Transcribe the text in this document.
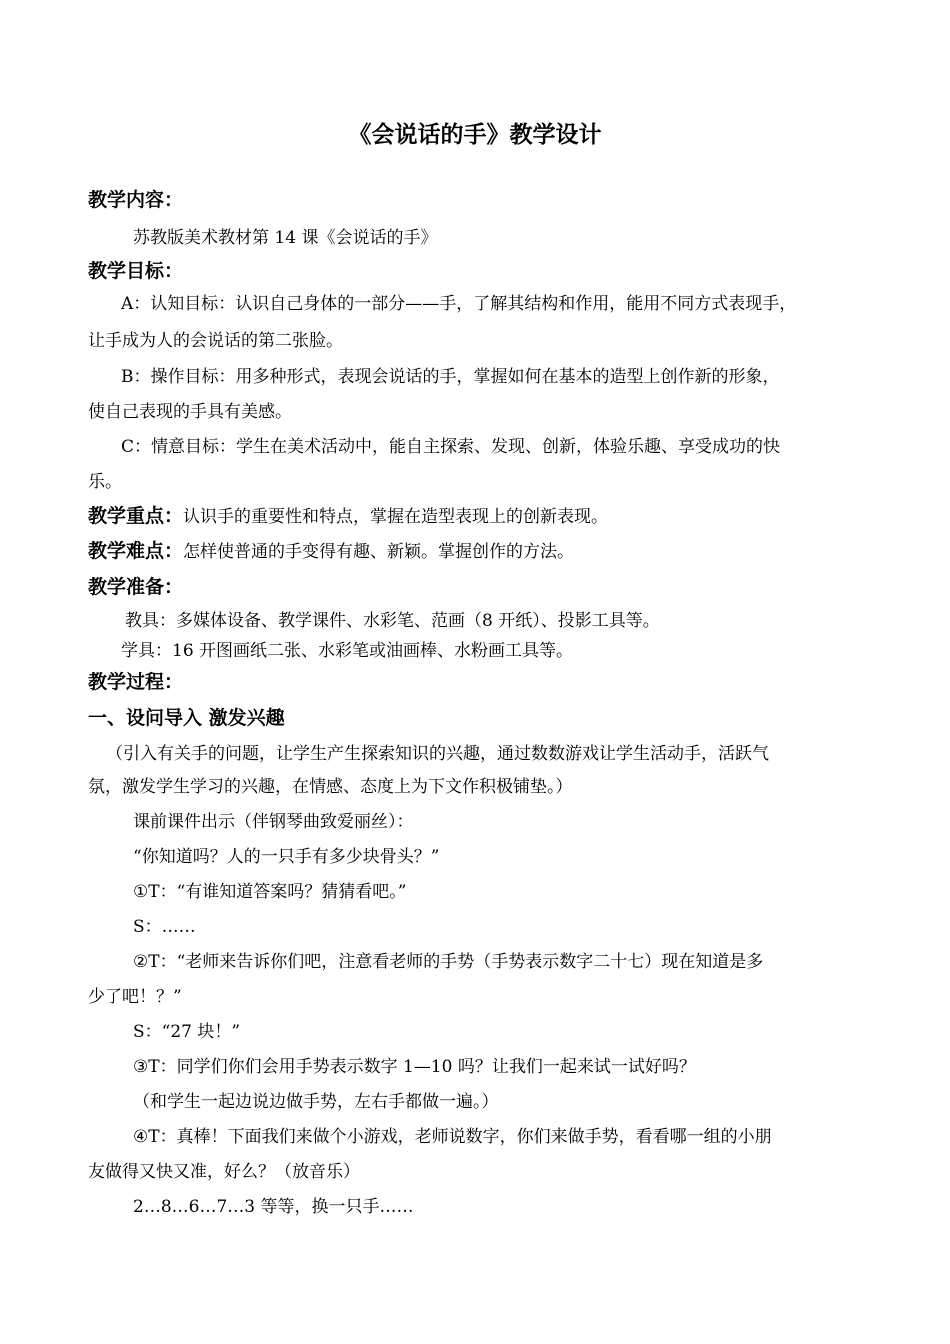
《会说话的手》教学设计
教学内容：
苏教版美术教材第 14 课《会说话的手》
教学目标：
A：认知目标：认识自己身体的一部分——手，了解其结构和作用，能用不同方式表现手，
让手成为人的会说话的第二张脸。
B：操作目标：用多种形式，表现会说话的手，掌握如何在基本的造型上创作新的形象，
使自己表现的手具有美感。
C：情意目标：学生在美术活动中，能自主探索、发现、创新，体验乐趣、享受成功的快
乐。
教学重点：认识手的重要性和特点，掌握在造型表现上的创新表现。
教学难点：怎样使普通的手变得有趣、新颖。掌握创作的方法。
教学准备：
教具：多媒体设备、教学课件、水彩笔、范画（8 开纸）、投影工具等。
学具：16 开图画纸二张、水彩笔或油画棒、水粉画工具等。
教学过程：
一、设问导入 激发兴趣
（引入有关手的问题，让学生产生探索知识的兴趣，通过数数游戏让学生活动手，活跃气
氛，激发学生学习的兴趣，在情感、态度上为下文作积极铺垫。）
课前课件出示（伴钢琴曲致爱丽丝）：
“你知道吗？人的一只手有多少块骨头？”
①T：“有谁知道答案吗？猜猜看吧。”
S：……
②T：“老师来告诉你们吧，注意看老师的手势（手势表示数字二十七）现在知道是多
少了吧！？”
S：“27 块！”
③T：同学们你们会用手势表示数字 1—10 吗？让我们一起来试一试好吗？
（和学生一起边说边做手势，左右手都做一遍。）
④T：真棒！下面我们来做个小游戏，老师说数字，你们来做手势，看看哪一组的小朋
友做得又快又准，好么？（放音乐）
2…8…6…7…3 等等，换一只手……
